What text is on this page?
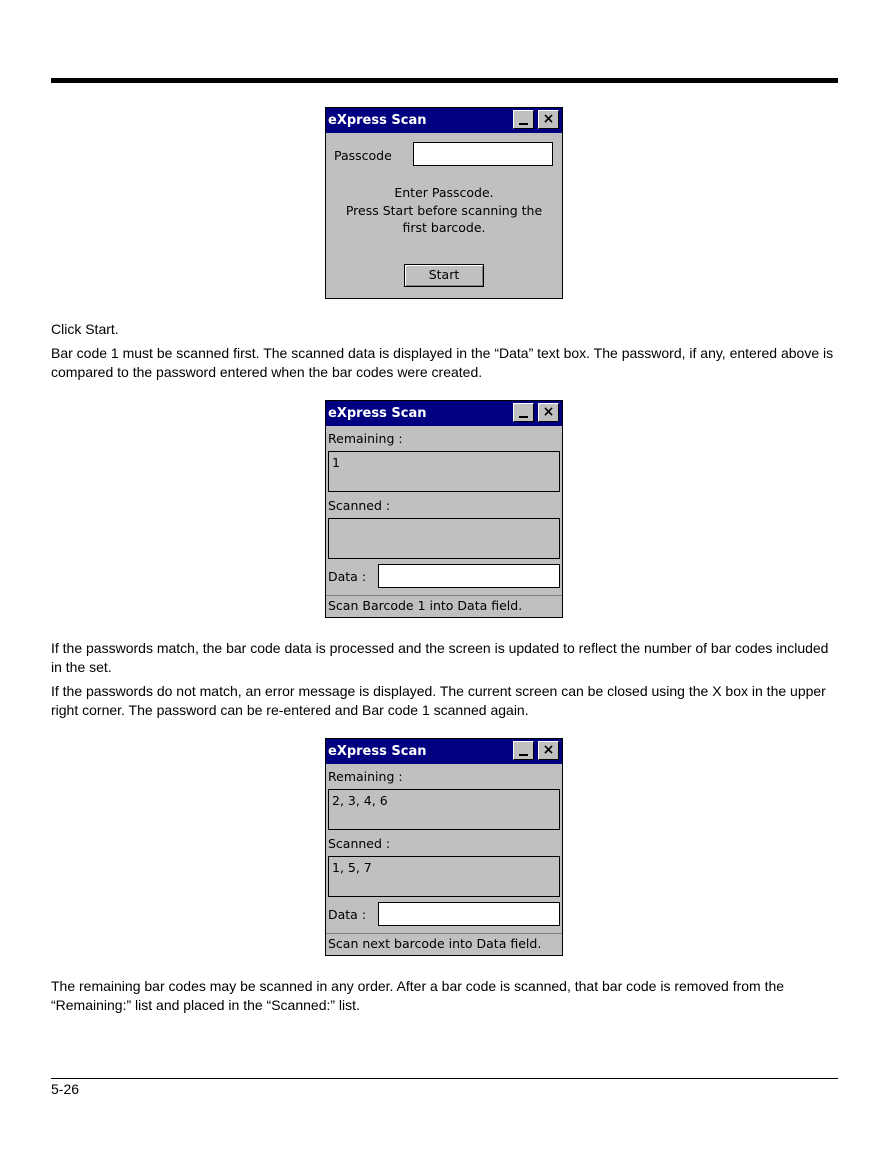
eXpress Scan	×
Passcode
Enter Passcode.
Press Start before scanning the
first barcode.
Start

Click Start.

Bar code 1 must be scanned first. The scanned data is displayed in the “Data” text box. The password, if any, entered above is compared to the password entered when the bar codes were created.

eXpress Scan	×
Remaining :
1
Scanned :
Data :
Scan Barcode 1 into Data field.

If the passwords match, the bar code data is processed and the screen is updated to reflect the number of bar codes included in the set.

If the passwords do not match, an error message is displayed. The current screen can be closed using the X box in the upper right corner. The password can be re-entered and Bar code 1 scanned again.

eXpress Scan	×
Remaining :
2, 3, 4, 6
Scanned :
1, 5, 7
Data :
Scan next barcode into Data field.

The remaining bar codes may be scanned in any order. After a bar code is scanned, that bar code is removed from the “Remaining:” list and placed in the “Scanned:” list.

5-26
